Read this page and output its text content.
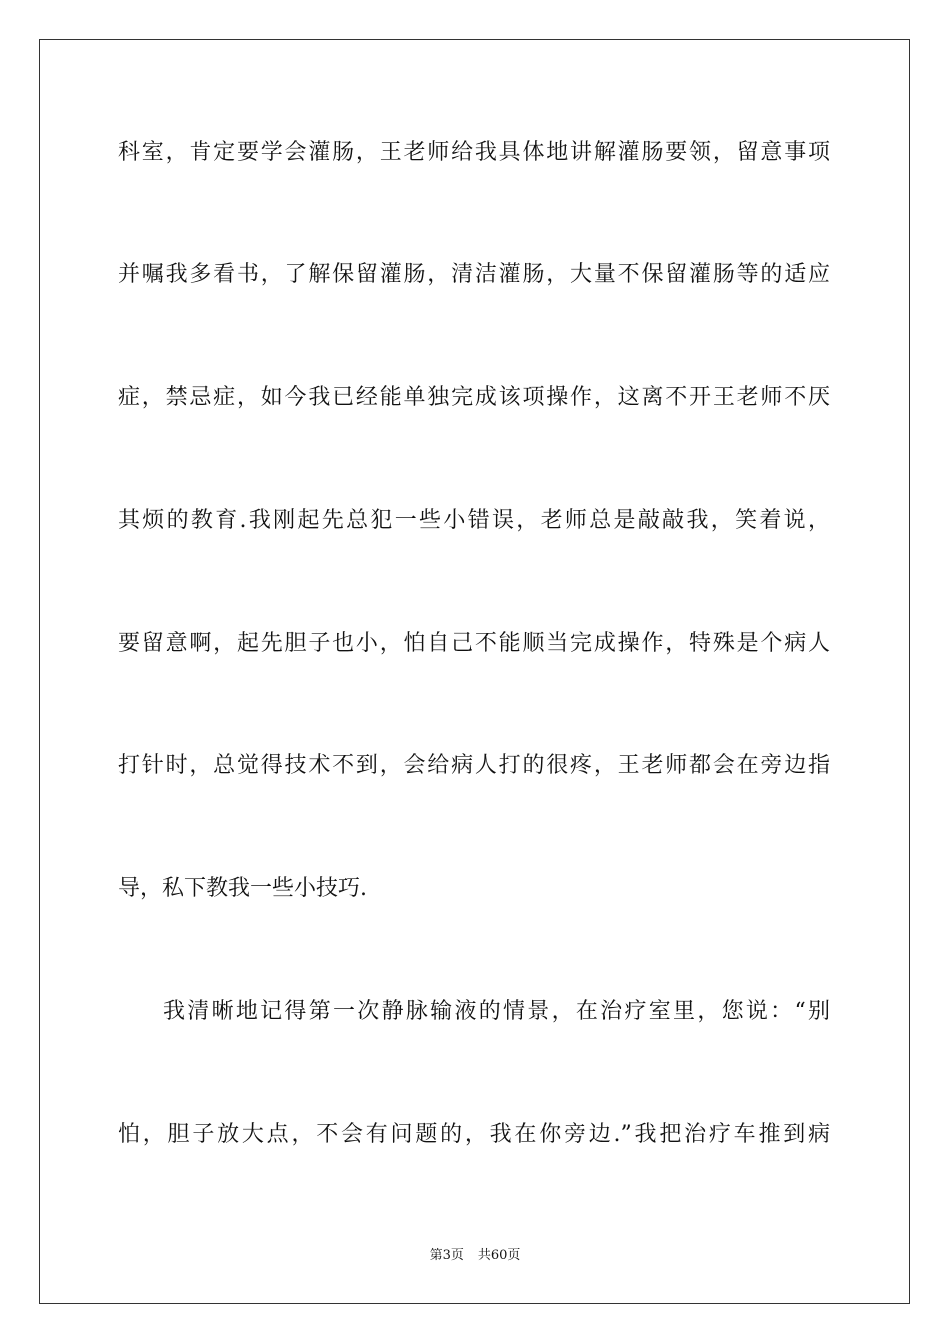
科室，肯定要学会灌肠，王老师给我具体地讲解灌肠要领，留意事项
并嘱我多看书，了解保留灌肠，清洁灌肠，大量不保留灌肠等的适应
症，禁忌症，如今我已经能单独完成该项操作，这离不开王老师不厌
其烦的教育.我刚起先总犯一些小错误，老师总是敲敲我，笑着说，
要留意啊，起先胆子也小，怕自己不能顺当完成操作，特殊是个病人
打针时，总觉得技术不到，会给病人打的很疼，王老师都会在旁边指
导，私下教我一些小技巧.
我清晰地记得第一次静脉输液的情景，在治疗室里，您说：“别
怕，胆子放大点，不会有问题的，我在你旁边.”我把治疗车推到病
第3页 共60页
